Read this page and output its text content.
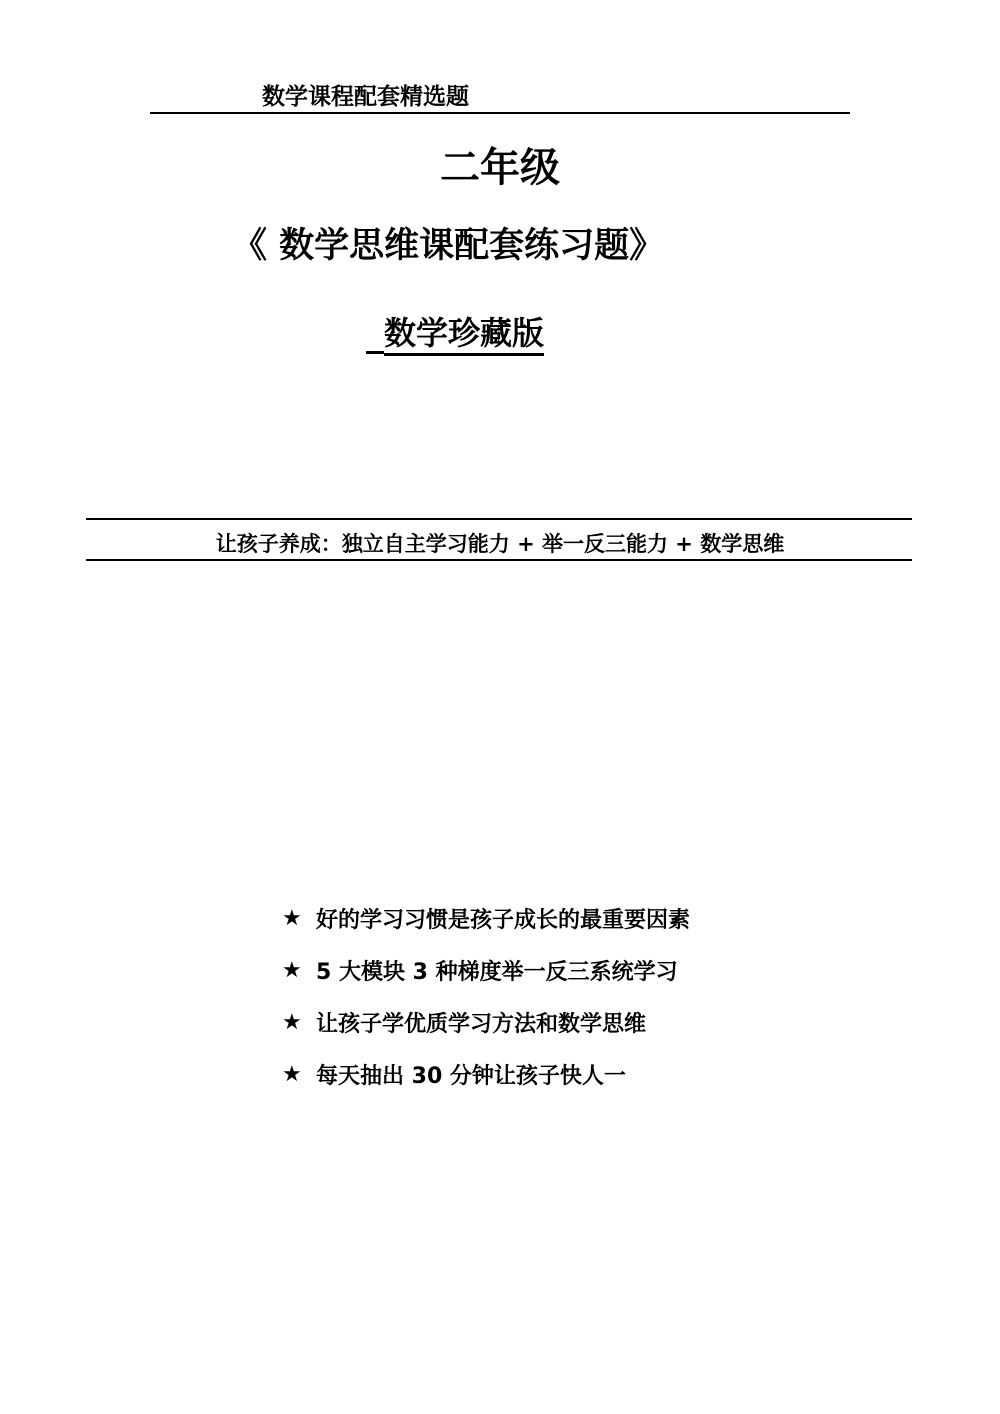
数学课程配套精选题
二年级
《 数学思维课配套练习题》
数学珍藏版
让孩子养成：独立自主学习能力 + 举一反三能力 + 数学思维
★ 好的学习习惯是孩子成长的最重要因素
★ 5 大模块 3 种梯度举一反三系统学习
★ 让孩子学优质学习方法和数学思维
★ 每天抽出 30 分钟让孩子快人一
